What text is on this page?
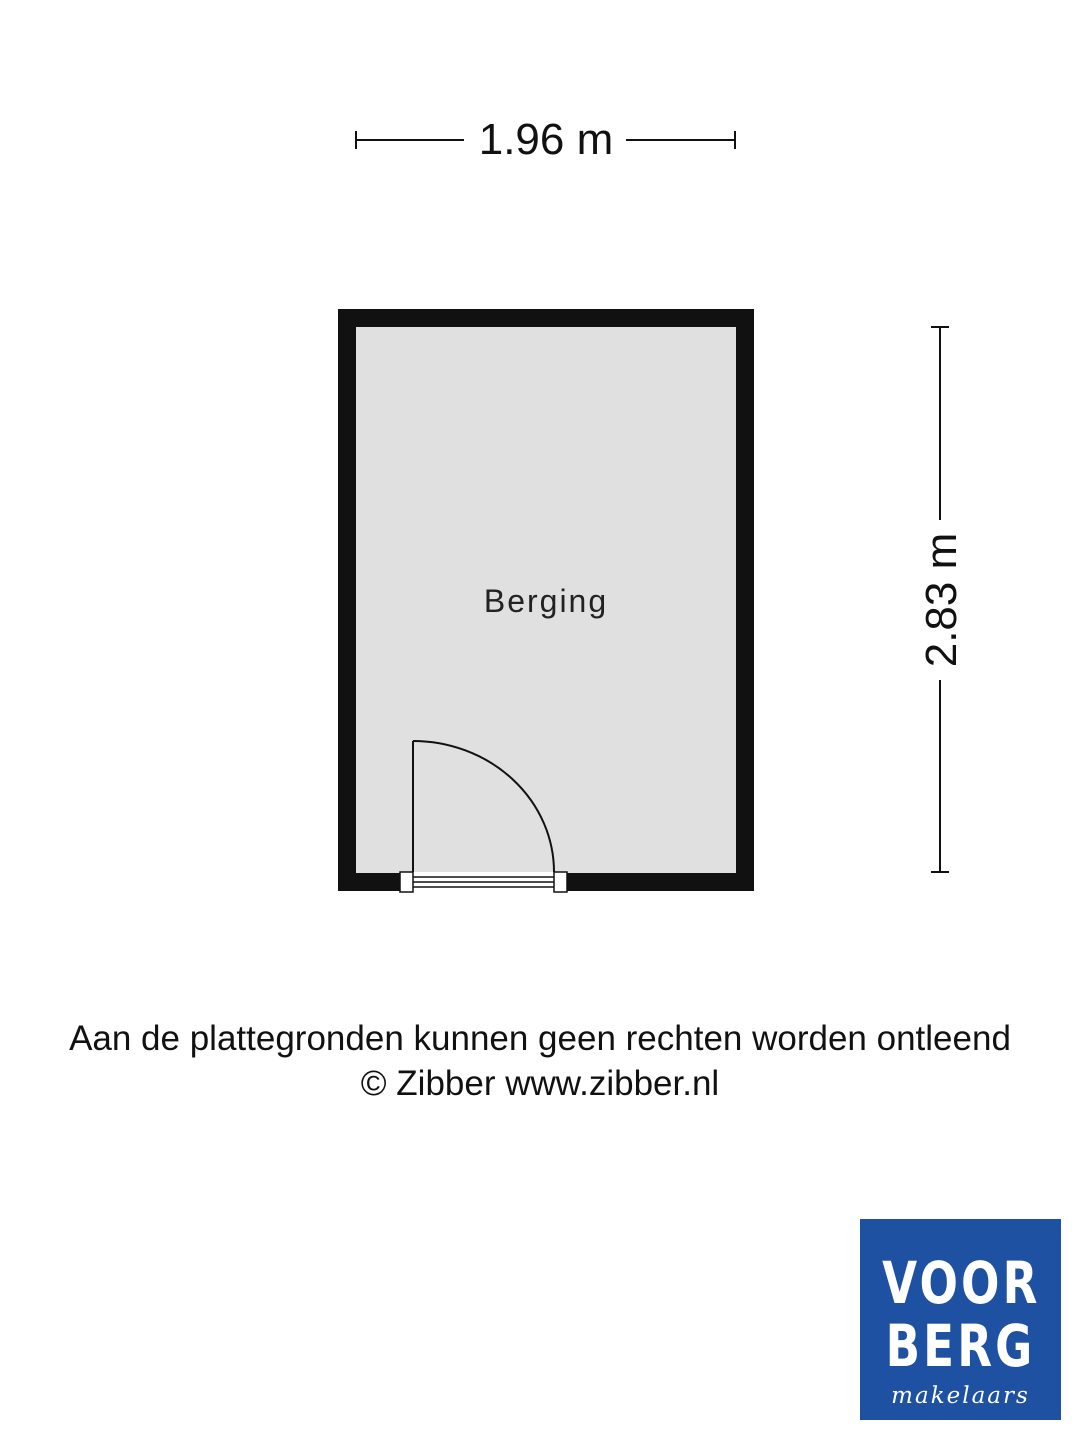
1.96 m
2.83 m
Berging
Aan de plattegronden kunnen geen rechten worden ontleend
© Zibber www.zibber.nl
VOOR
BERG
makelaars
